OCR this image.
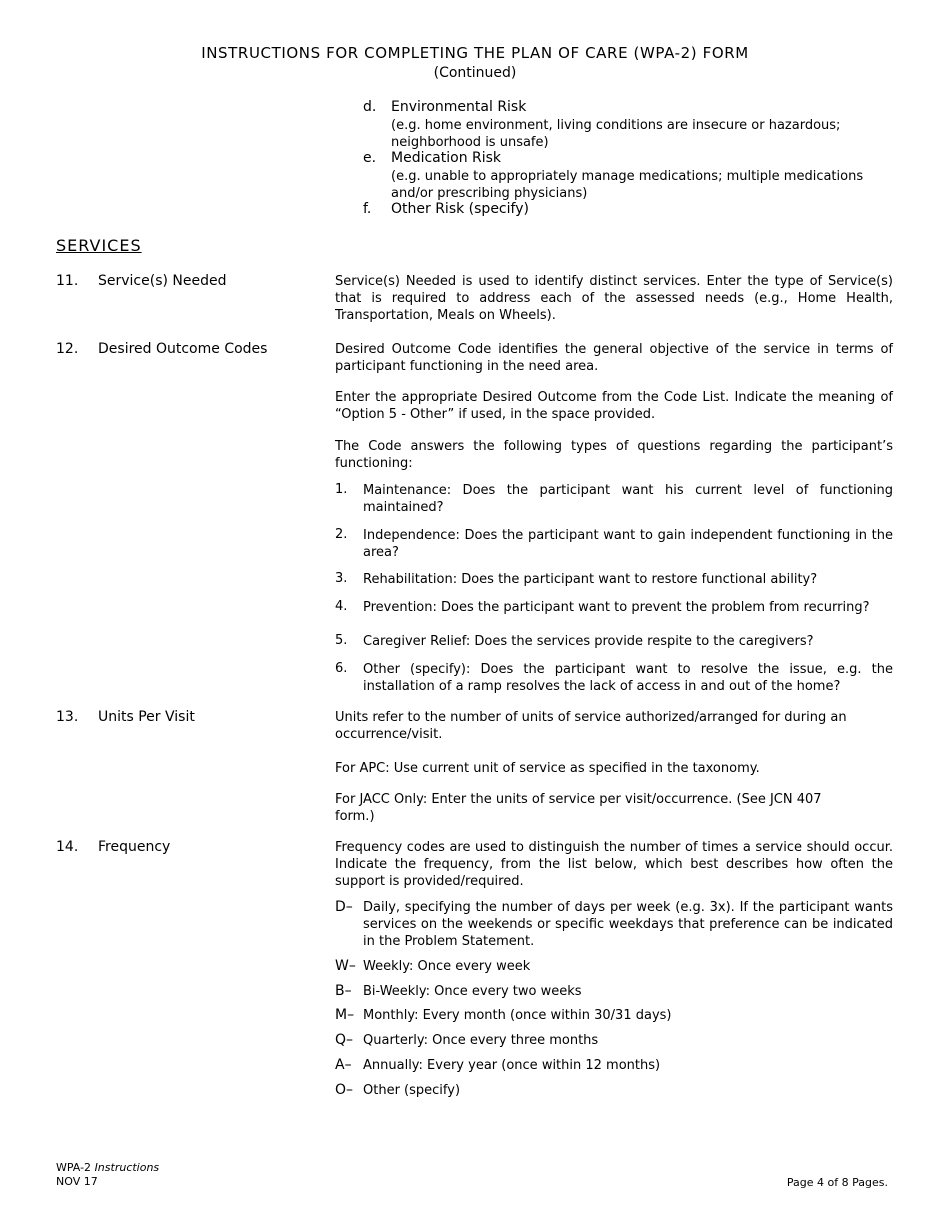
INSTRUCTIONS FOR COMPLETING THE PLAN OF CARE (WPA-2) FORM
(Continued)
d. Environmental Risk
(e.g. home environment, living conditions are insecure or hazardous; neighborhood is unsafe)
e. Medication Risk
(e.g. unable to appropriately manage medications; multiple medications and/or prescribing physicians)
f. Other Risk (specify)
SERVICES
11. Service(s) Needed	Service(s) Needed is used to identify distinct services. Enter the type of Service(s) that is required to address each of the assessed needs (e.g., Home Health, Transportation, Meals on Wheels).
12. Desired Outcome Codes	Desired Outcome Code identifies the general objective of the service in terms of participant functioning in the need area.
Enter the appropriate Desired Outcome from the Code List. Indicate the meaning of “Option 5 - Other” if used, in the space provided.
The Code answers the following types of questions regarding the participant’s functioning:
1. Maintenance: Does the participant want his current level of functioning maintained?
2. Independence: Does the participant want to gain independent functioning in the area?
3. Rehabilitation: Does the participant want to restore functional ability?
4. Prevention: Does the participant want to prevent the problem from recurring?
5. Caregiver Relief: Does the services provide respite to the caregivers?
6. Other (specify): Does the participant want to resolve the issue, e.g. the installation of a ramp resolves the lack of access in and out of the home?
13. Units Per Visit	Units refer to the number of units of service authorized/arranged for during an occurrence/visit.
For APC: Use current unit of service as specified in the taxonomy.
For JACC Only: Enter the units of service per visit/occurrence. (See JCN 407 form.)
14. Frequency	Frequency codes are used to distinguish the number of times a service should occur. Indicate the frequency, from the list below, which best describes how often the support is provided/required.
D– Daily, specifying the number of days per week (e.g. 3x). If the participant wants services on the weekends or specific weekdays that preference can be indicated in the Problem Statement.
W– Weekly: Once every week
B– Bi-Weekly: Once every two weeks
M– Monthly: Every month (once within 30/31 days)
Q– Quarterly: Once every three months
A– Annually: Every year (once within 12 months)
O– Other (specify)
WPA-2 Instructions
NOV 17	Page 4 of 8 Pages.
